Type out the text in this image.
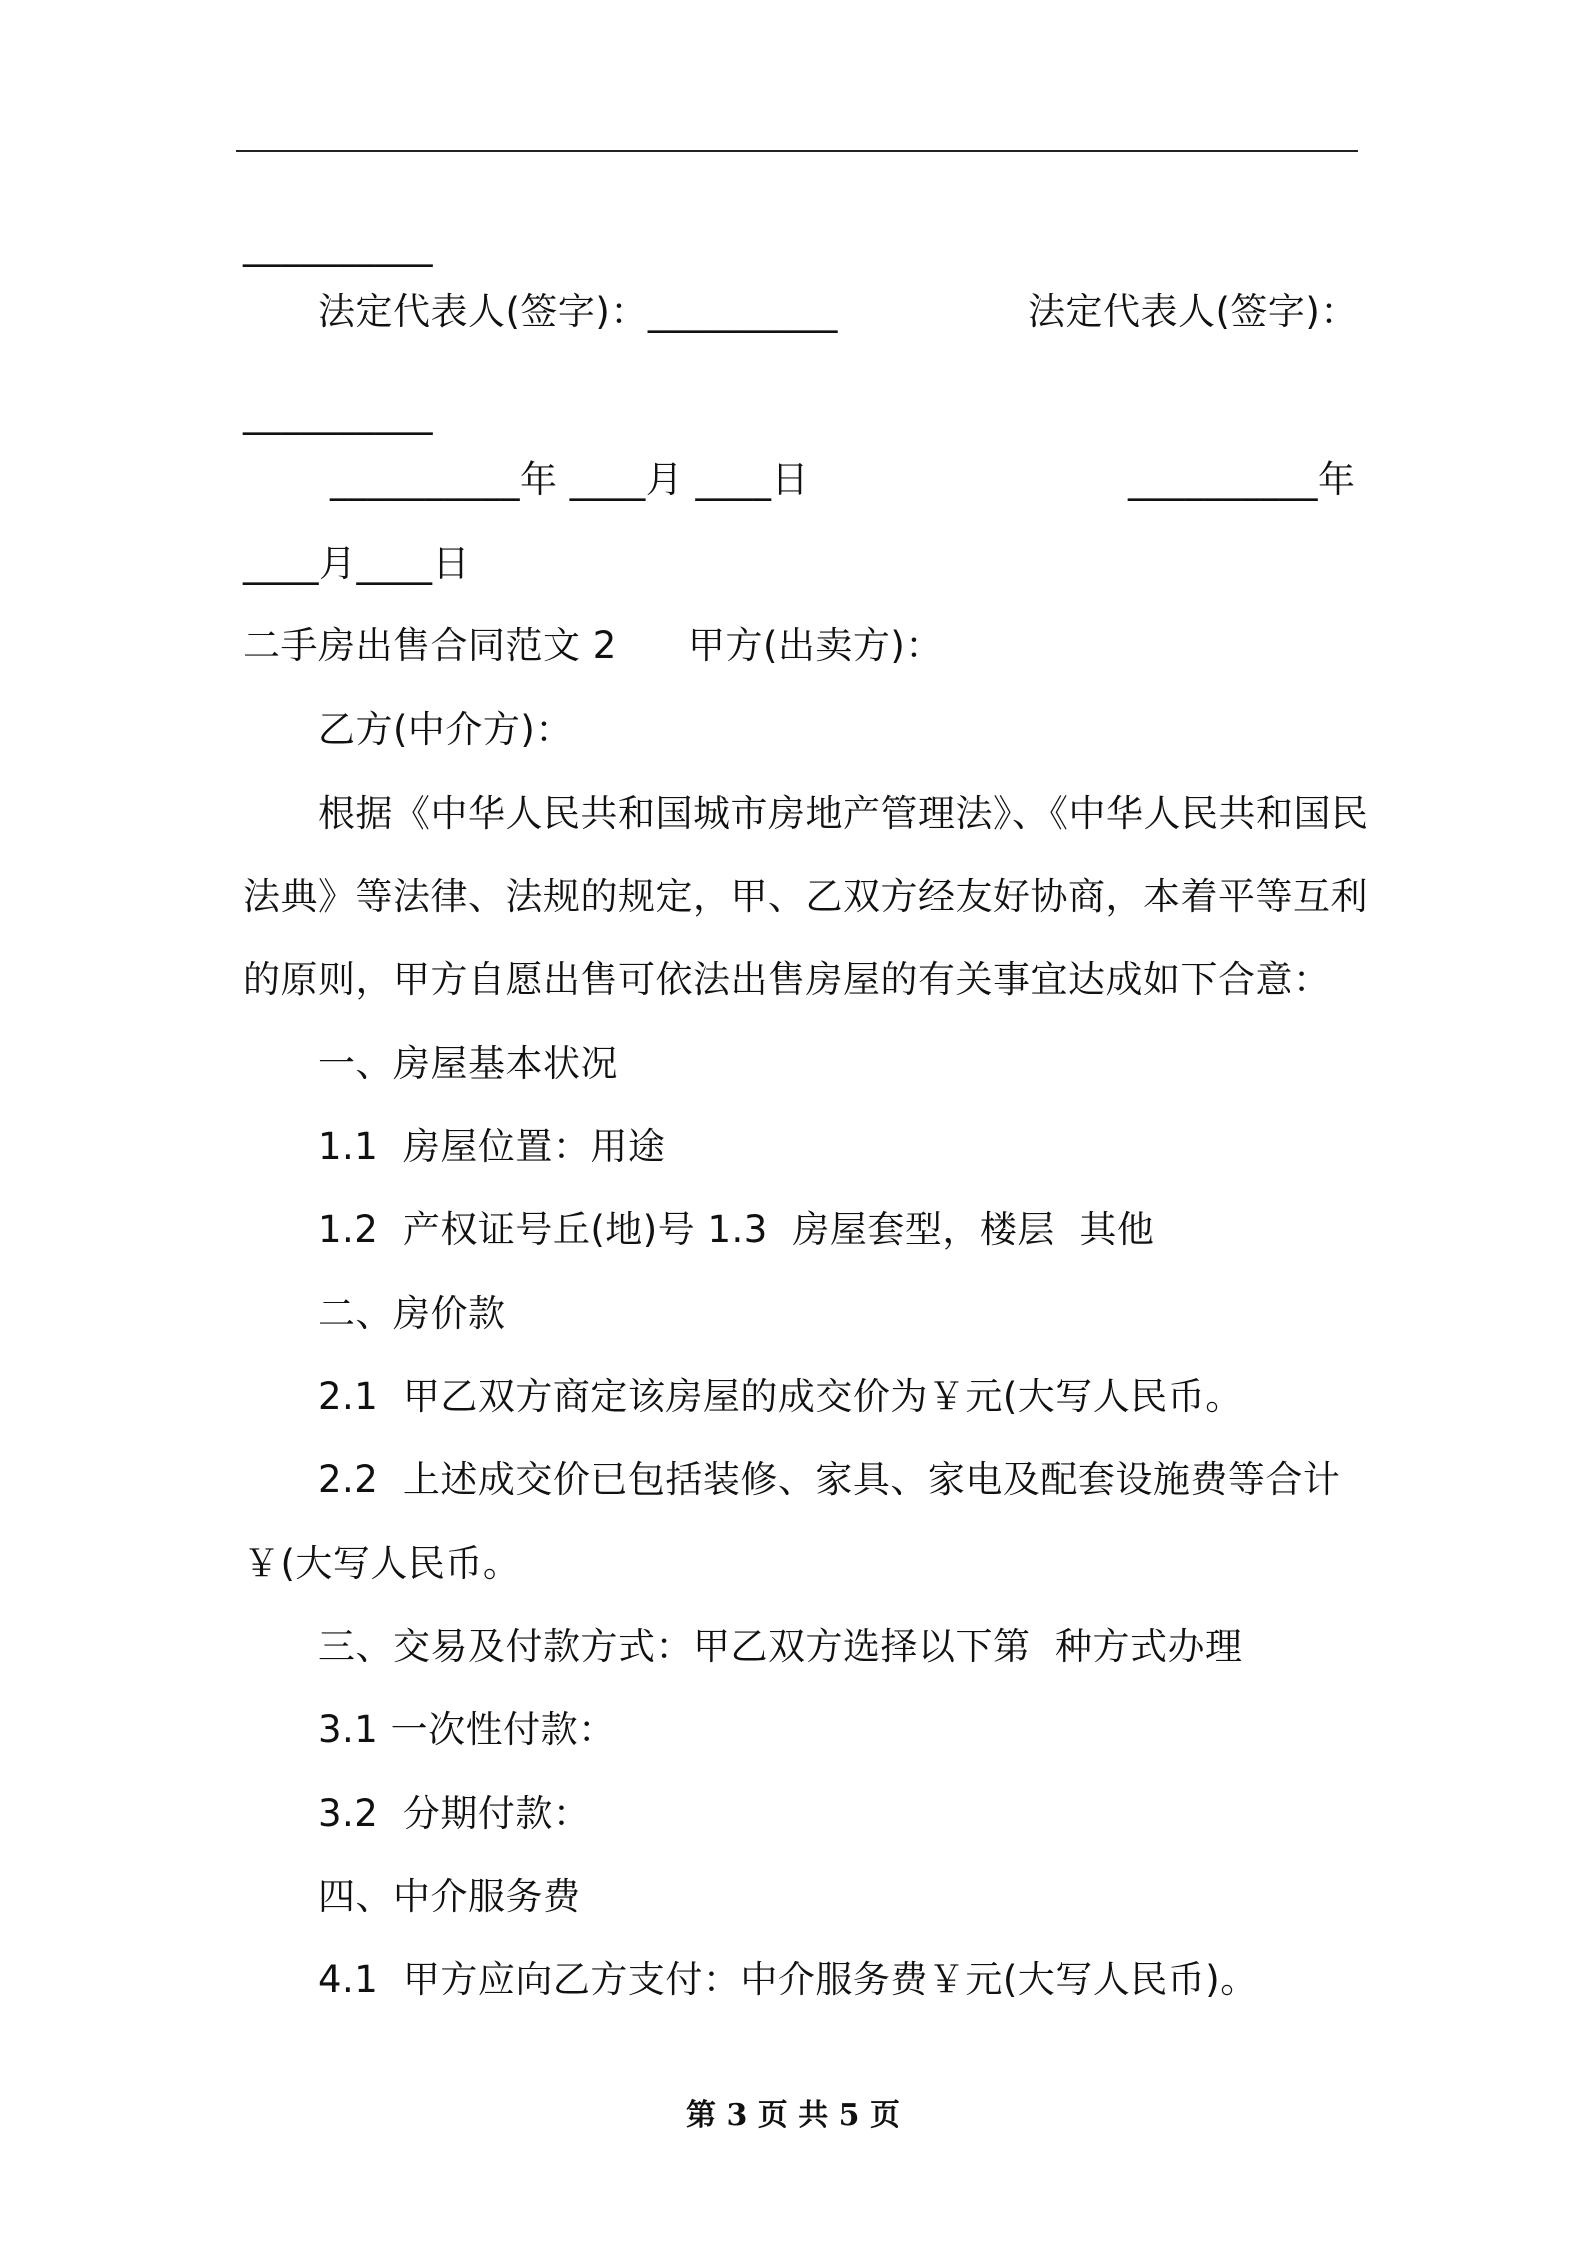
__________
法定代表人(签字)：__________	法定代表人(签字)：
__________
__________年 ____月 ____日	__________年
____月____日
二手房出售合同范文 2 甲方(出卖方)：
乙方(中介方)：
根据《中华人民共和国城市房地产管理法》、《中华人民共和国民
法典》等法律、法规的规定，甲、乙双方经友好协商，本着平等互利
的原则，甲方自愿出售可依法出售房屋的有关事宜达成如下合意：
一、房屋基本状况
1.1  房屋位置：用途
1.2  产权证号丘(地)号 1.3  房屋套型，楼层  其他
二、房价款
2.1  甲乙双方商定该房屋的成交价为￥元(大写人民币。
2.2  上述成交价已包括装修、家具、家电及配套设施费等合计
￥(大写人民币。
三、交易及付款方式：甲乙双方选择以下第  种方式办理
3.1 一次性付款：
3.2  分期付款：
四、中介服务费
4.1  甲方应向乙方支付：中介服务费￥元(大写人民币)。
第 3 页 共 5 页
